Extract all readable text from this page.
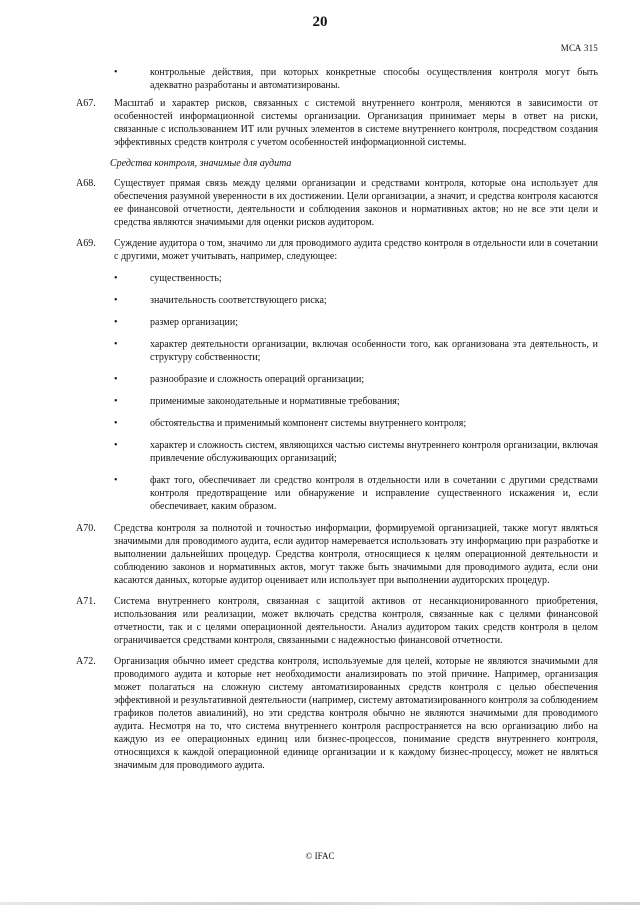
20
МСА 315
•	контрольные действия, при которых конкретные способы осуществления контроля могут быть адекватно разработаны и автоматизированы.
А67. Масштаб и характер рисков, связанных с системой внутреннего контроля, меняются в зависимости от особенностей информационной системы организации. Организация принимает меры в ответ на риски, связанные с использованием ИТ или ручных элементов в системе внутреннего контроля, посредством создания эффективных средств контроля с учетом особенностей информационной системы.
Средства контроля, значимые для аудита
А68. Существует прямая связь между целями организации и средствами контроля, которые она использует для обеспечения разумной уверенности в их достижении. Цели организации, а значит, и средства контроля касаются ее финансовой отчетности, деятельности и соблюдения законов и нормативных актов; но не все эти цели и средства являются значимыми для оценки рисков аудитором.
А69. Суждение аудитора о том, значимо ли для проводимого аудита средство контроля в отдельности или в сочетании с другими, может учитывать, например, следующее:
•	существенность;
•	значительность соответствующего риска;
•	размер организации;
•	характер деятельности организации, включая особенности того, как организована эта деятельность, и структуру собственности;
•	разнообразие и сложность операций организации;
•	применимые законодательные и нормативные требования;
•	обстоятельства и применимый компонент системы внутреннего контроля;
•	характер и сложность систем, являющихся частью системы внутреннего контроля организации, включая привлечение обслуживающих организаций;
•	факт того, обеспечивает ли средство контроля в отдельности или в сочетании с другими средствами контроля предотвращение или обнаружение и исправление существенного искажения и, если обеспечивает, каким образом.
А70. Средства контроля за полнотой и точностью информации, формируемой организацией, также могут являться значимыми для проводимого аудита, если аудитор намеревается использовать эту информацию при разработке и выполнении дальнейших процедур. Средства контроля, относящиеся к целям операционной деятельности и соблюдению законов и нормативных актов, могут также быть значимыми для проводимого аудита, если они касаются данных, которые аудитор оценивает или использует при выполнении аудиторских процедур.
А71. Система внутреннего контроля, связанная с защитой активов от несанкционированного приобретения, использования или реализации, может включать средства контроля, связанные как с целями финансовой отчетности, так и с целями операционной деятельности. Анализ аудитором таких средств контроля в целом ограничивается средствами контроля, связанными с надежностью финансовой отчетности.
А72. Организация обычно имеет средства контроля, используемые для целей, которые не являются значимыми для проводимого аудита и которые нет необходимости анализировать по этой причине. Например, организация может полагаться на сложную систему автоматизированных средств контроля с целью обеспечения эффективной и результативной деятельности (например, систему автоматизированного контроля за соблюдением графиков полетов авиалиний), но эти средства контроля обычно не являются значимыми для проводимого аудита. Несмотря на то, что система внутреннего контроля распространяется на всю организацию либо на каждую из ее операционных единиц или бизнес-процессов, понимание средств внутреннего контроля, относящихся к каждой операционной единице организации и к каждому бизнес-процессу, может не являться значимым для проводимого аудита.
© IFAC
